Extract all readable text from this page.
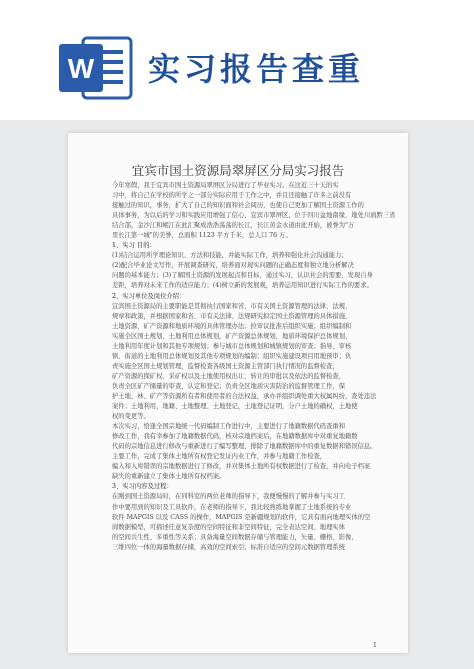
W 实习报告查重
宜宾市国土资源局翠屏区分局实习报告
今年寒假，我于宜宾市国土资源局翠屏区分局进行了毕业实习。在这近三十天的实
习中，将自己在学校的所学之一部分实际应用于工作之中，并且还接触了许多之前没有
接触过的知识，事务，扩大了自己的知识面和社会阅历，也使自己更加了解国土资源工作的
具体事务，为以后的学习和实践应用增强了信心，宜宾市翠屏区，位于四川盆地南缘，地处川滇黔三省
结合部，金沙江和岷江在此汇聚成浩浩荡荡的长江，长江黄金水道由此开始，被誉为"万
里长江第一城"的美誉，总面积 1123 平方千米，总人口 76 万。
1、实习 目的：
(1)结合运用所学理论知识、方法和技能，并能实际工作，培养和强化社会沟通能力；
(2)配合毕业论文写作，开展调查研究，培养面对现实问题的正确态度和独立地分析解决
问题的基本能力；(3)了解国土资源的发展起点和目标，通过实习，认识社会的需要，发现自身
差距，培养对未来工作的适应能力；(4)树立新的发展观，培养运用知识进行实际工作的要求。
2、实习单位及岗位介绍：
宜宾国土资源局的主要职能是贯彻执行国家和省、市有关国土资源管理的法律、法规、
规章和政策，并根据国家和省、市有关法律、法规研究拟定国土资源管理的具体措施，
土地资源、矿产资源和地质环境的具体管理办法；拉审议批准后组织实施；组织编制和
实施全区国土规划、土地利用总体规划，矿产资源总体规划，地质环境保护总体规划、
土地利用年度计划和其他专项规划；参与城市总体规划和城镇规划的审查；指导、审核
镇、街道的土地利用总体规划及其他专项规划的编制；组织实施建设项目用地预审；负
责实施全区国土规划管理，监督检查各级国土资源主管部门执行情况的监督检查，
矿产资源的探矿权、采矿权以及土地使用权出让、转让的审批以及依法的监督检查，
负责全区矿产储量的审查、认定和登记；负责全区地质灾害防治的监督管理工作，保
护土地、林、矿产等资源所有者和使用者的合法权益，承办并组织调处重大权属纠纷，查处违法
案件；土地利用，地籍、土地整理、土地登记，土地登记证明，分户土地的确权，土地使
权的变更等。
本次实习，恰逢全国宗地统一代码编制工作进行中，主要进行了地籍数据代码查重和
修改工作，我有幸参加了地籍数据代码，核对宗地档案后，在地籍数据库中对重复地籍数
代码的宗地信息进行修改与重新进行了编写整理，排除了地籍数据库中的重复数据和错误信息。
主要工作，完成了集体土地所有权登记发证内业工作，并参与地籍工作检查，
编入和入库错误的宗地数据进行了修改，并对集体土地所有权数据进行了检查，并向电子档案
缺失的重新建立了集体土地所有权档案。
3、实习内容及过程：
在刚到国土资源局时，在同科室的两位老师的指导下，我便慢慢的了解并参与实习工
作中要用到的知识及工具软件，在老师的指导下，我比较熟练地掌握了土地系统的专业
软件 MAPGIS 以及 CASS 的操作，MAPGIS 是新疆规划的软件，它具有面向地理实体的空
间数据模型，可描述任意复杂度的空间特征和非空间特征，完全表达空间、地理实体
的空间共生性、多重性等关系；具备海量空间数据存储与管理能力，矢量、栅格、影像、
三维四位一体的海量数据存储，高效的空间索引；标准自适应的空间元数据管理系统
1
